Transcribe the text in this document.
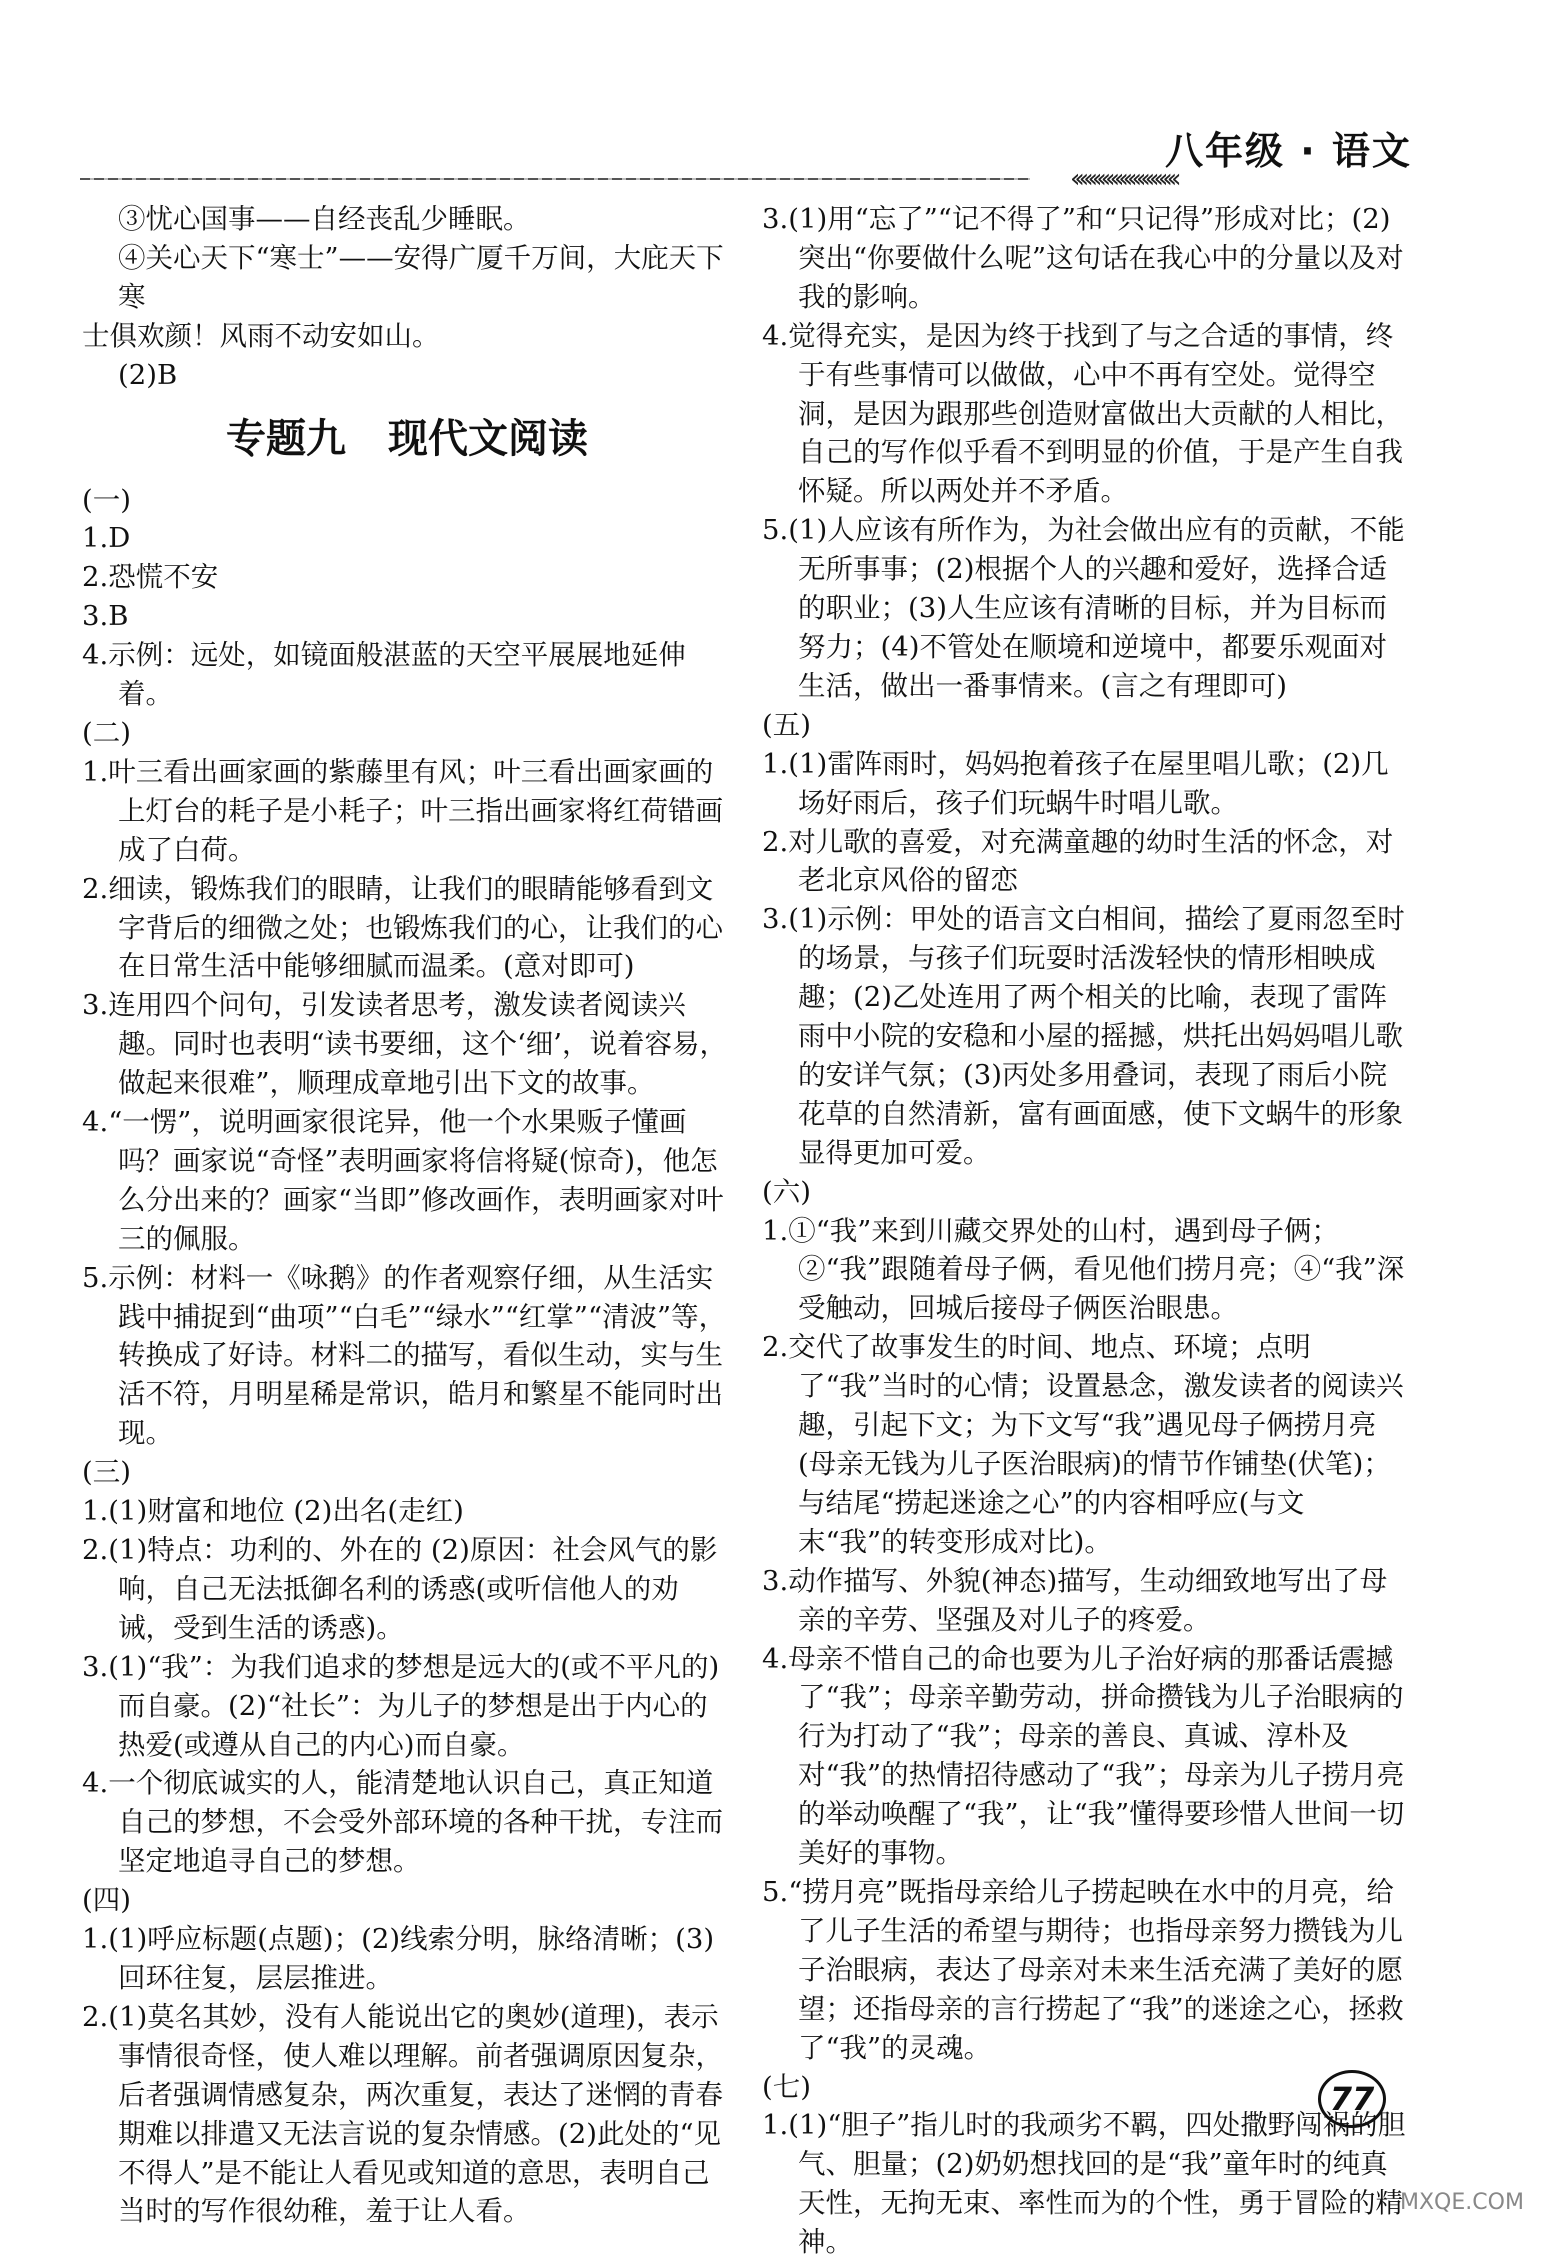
八年级 · 语文
‹‹‹‹‹‹‹‹‹‹‹‹‹‹‹‹‹‹‹‹‹‹‹‹

③忧心国事——自经丧乱少睡眠。

④关心天下“寒士”——安得广厦千万间，大庇天下寒

士俱欢颜！风雨不动安如山。

(2)B

专题九 现代文阅读

(一)

1.D

2.恐慌不安

3.B

4.示例：远处，如镜面般湛蓝的天空平展展地延伸着。

(二)

1.叶三看出画家画的紫藤里有风；叶三看出画家画的上灯台的耗子是小耗子；叶三指出画家将红荷错画成了白荷。

2.细读，锻炼我们的眼睛，让我们的眼睛能够看到文字背后的细微之处；也锻炼我们的心，让我们的心在日常生活中能够细腻而温柔。(意对即可)

3.连用四个问句，引发读者思考，激发读者阅读兴趣。同时也表明“读书要细，这个‘细’，说着容易，做起来很难”，顺理成章地引出下文的故事。

4.“一愣”，说明画家很诧异，他一个水果贩子懂画吗？画家说“奇怪”表明画家将信将疑(惊奇)，他怎么分出来的？画家“当即”修改画作，表明画家对叶三的佩服。

5.示例：材料一《咏鹅》的作者观察仔细，从生活实践中捕捉到“曲项”“白毛”“绿水”“红掌”“清波”等，转换成了好诗。材料二的描写，看似生动，实与生活不符，月明星稀是常识，皓月和繁星不能同时出现。

(三)

1.(1)财富和地位 (2)出名(走红)

2.(1)特点：功利的、外在的 (2)原因：社会风气的影响，自己无法抵御名利的诱惑(或听信他人的劝诫，受到生活的诱惑)。

3.(1)“我”：为我们追求的梦想是远大的(或不平凡的)而自豪。(2)“社长”：为儿子的梦想是出于内心的热爱(或遵从自己的内心)而自豪。

4.一个彻底诚实的人，能清楚地认识自己，真正知道自己的梦想，不会受外部环境的各种干扰，专注而坚定地追寻自己的梦想。

(四)

1.(1)呼应标题(点题)；(2)线索分明，脉络清晰；(3)回环往复，层层推进。

2.(1)莫名其妙，没有人能说出它的奥妙(道理)，表示事情很奇怪，使人难以理解。前者强调原因复杂，后者强调情感复杂，两次重复，表达了迷惘的青春期难以排遣又无法言说的复杂情感。(2)此处的“见不得人”是不能让人看见或知道的意思，表明自己当时的写作很幼稚，羞于让人看。

3.(1)用“忘了”“记不得了”和“只记得”形成对比；(2)突出“你要做什么呢”这句话在我心中的分量以及对我的影响。

4.觉得充实，是因为终于找到了与之合适的事情，终于有些事情可以做做，心中不再有空处。觉得空洞，是因为跟那些创造财富做出大贡献的人相比，自己的写作似乎看不到明显的价值，于是产生自我怀疑。所以两处并不矛盾。

5.(1)人应该有所作为，为社会做出应有的贡献，不能无所事事；(2)根据个人的兴趣和爱好，选择合适的职业；(3)人生应该有清晰的目标，并为目标而努力；(4)不管处在顺境和逆境中，都要乐观面对生活，做出一番事情来。(言之有理即可)

(五)

1.(1)雷阵雨时，妈妈抱着孩子在屋里唱儿歌；(2)几场好雨后，孩子们玩蜗牛时唱儿歌。

2.对儿歌的喜爱，对充满童趣的幼时生活的怀念，对老北京风俗的留恋

3.(1)示例：甲处的语言文白相间，描绘了夏雨忽至时的场景，与孩子们玩耍时活泼轻快的情形相映成趣；(2)乙处连用了两个相关的比喻，表现了雷阵雨中小院的安稳和小屋的摇撼，烘托出妈妈唱儿歌的安详气氛；(3)丙处多用叠词，表现了雨后小院花草的自然清新，富有画面感，使下文蜗牛的形象显得更加可爱。

(六)

1.①“我”来到川藏交界处的山村，遇到母子俩；②“我”跟随着母子俩，看见他们捞月亮；④“我”深受触动，回城后接母子俩医治眼患。

2.交代了故事发生的时间、地点、环境；点明了“我”当时的心情；设置悬念，激发读者的阅读兴趣，引起下文；为下文写“我”遇见母子俩捞月亮(母亲无钱为儿子医治眼病)的情节作铺垫(伏笔)；与结尾“捞起迷途之心”的内容相呼应(与文末“我”的转变形成对比)。

3.动作描写、外貌(神态)描写，生动细致地写出了母亲的辛劳、坚强及对儿子的疼爱。

4.母亲不惜自己的命也要为儿子治好病的那番话震撼了“我”；母亲辛勤劳动，拼命攒钱为儿子治眼病的行为打动了“我”；母亲的善良、真诚、淳朴及对“我”的热情招待感动了“我”；母亲为儿子捞月亮的举动唤醒了“我”，让“我”懂得要珍惜人世间一切美好的事物。

5.“捞月亮”既指母亲给儿子捞起映在水中的月亮，给了儿子生活的希望与期待；也指母亲努力攒钱为儿子治眼病，表达了母亲对未来生活充满了美好的愿望；还指母亲的言行捞起了“我”的迷途之心，拯救了“我”的灵魂。

(七)

1.(1)“胆子”指儿时的我顽劣不羁，四处撒野闯祸的胆气、胆量；(2)奶奶想找回的是“我”童年时的纯真天性，无拘无束、率性而为的个性，勇于冒险的精神。

77
MXQE.COM
